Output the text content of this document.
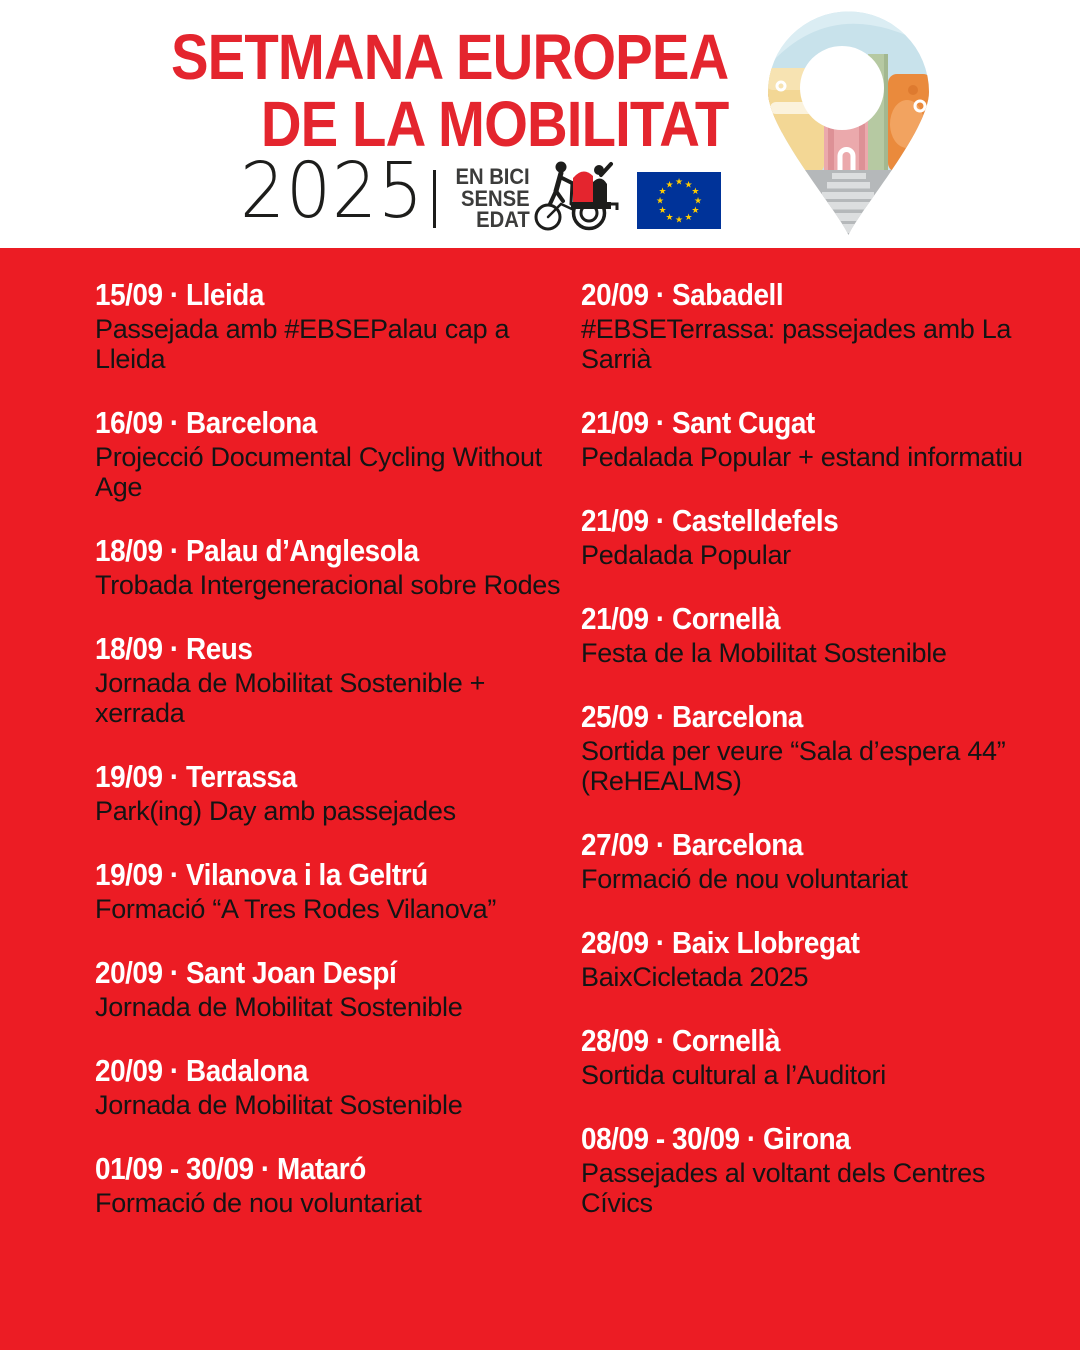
SETMANA EUROPEA
DE LA MOBILITAT
2025 EN BICI
SENSE
EDAT
★ ★
★
★
★
★
★
★
★
★
★
★
15/09 · Lleida
Passejada amb #EBSEPalau cap a Lleida
16/09 · Barcelona
Projecció Documental Cycling Without Age
18/09 · Palau d’Anglesola
Trobada Intergeneracional sobre Rodes
18/09 · Reus
Jornada de Mobilitat Sostenible + xerrada
19/09 · Terrassa
Park(ing) Day amb passejades
19/09 · Vilanova i la Geltrú
Formació “A Tres Rodes Vilanova”
20/09 · Sant Joan Despí
Jornada de Mobilitat Sostenible
20/09 · Badalona
Jornada de Mobilitat Sostenible
01/09 - 30/09 · Mataró
Formació de nou voluntariat
20/09 · Sabadell
#EBSETerrassa: passejades amb La Sarrià
21/09 · Sant Cugat
Pedalada Popular + estand informatiu
21/09 · Castelldefels
Pedalada Popular
21/09 · Cornellà
Festa de la Mobilitat Sostenible
25/09 · Barcelona
Sortida per veure “Sala d’espera 44” (ReHEALMS)
27/09 · Barcelona
Formació de nou voluntariat
28/09 · Baix Llobregat
BaixCicletada 2025
28/09 · Cornellà
Sortida cultural a l’Auditori
08/09 - 30/09 · Girona
Passejades al voltant dels Centres Cívics
